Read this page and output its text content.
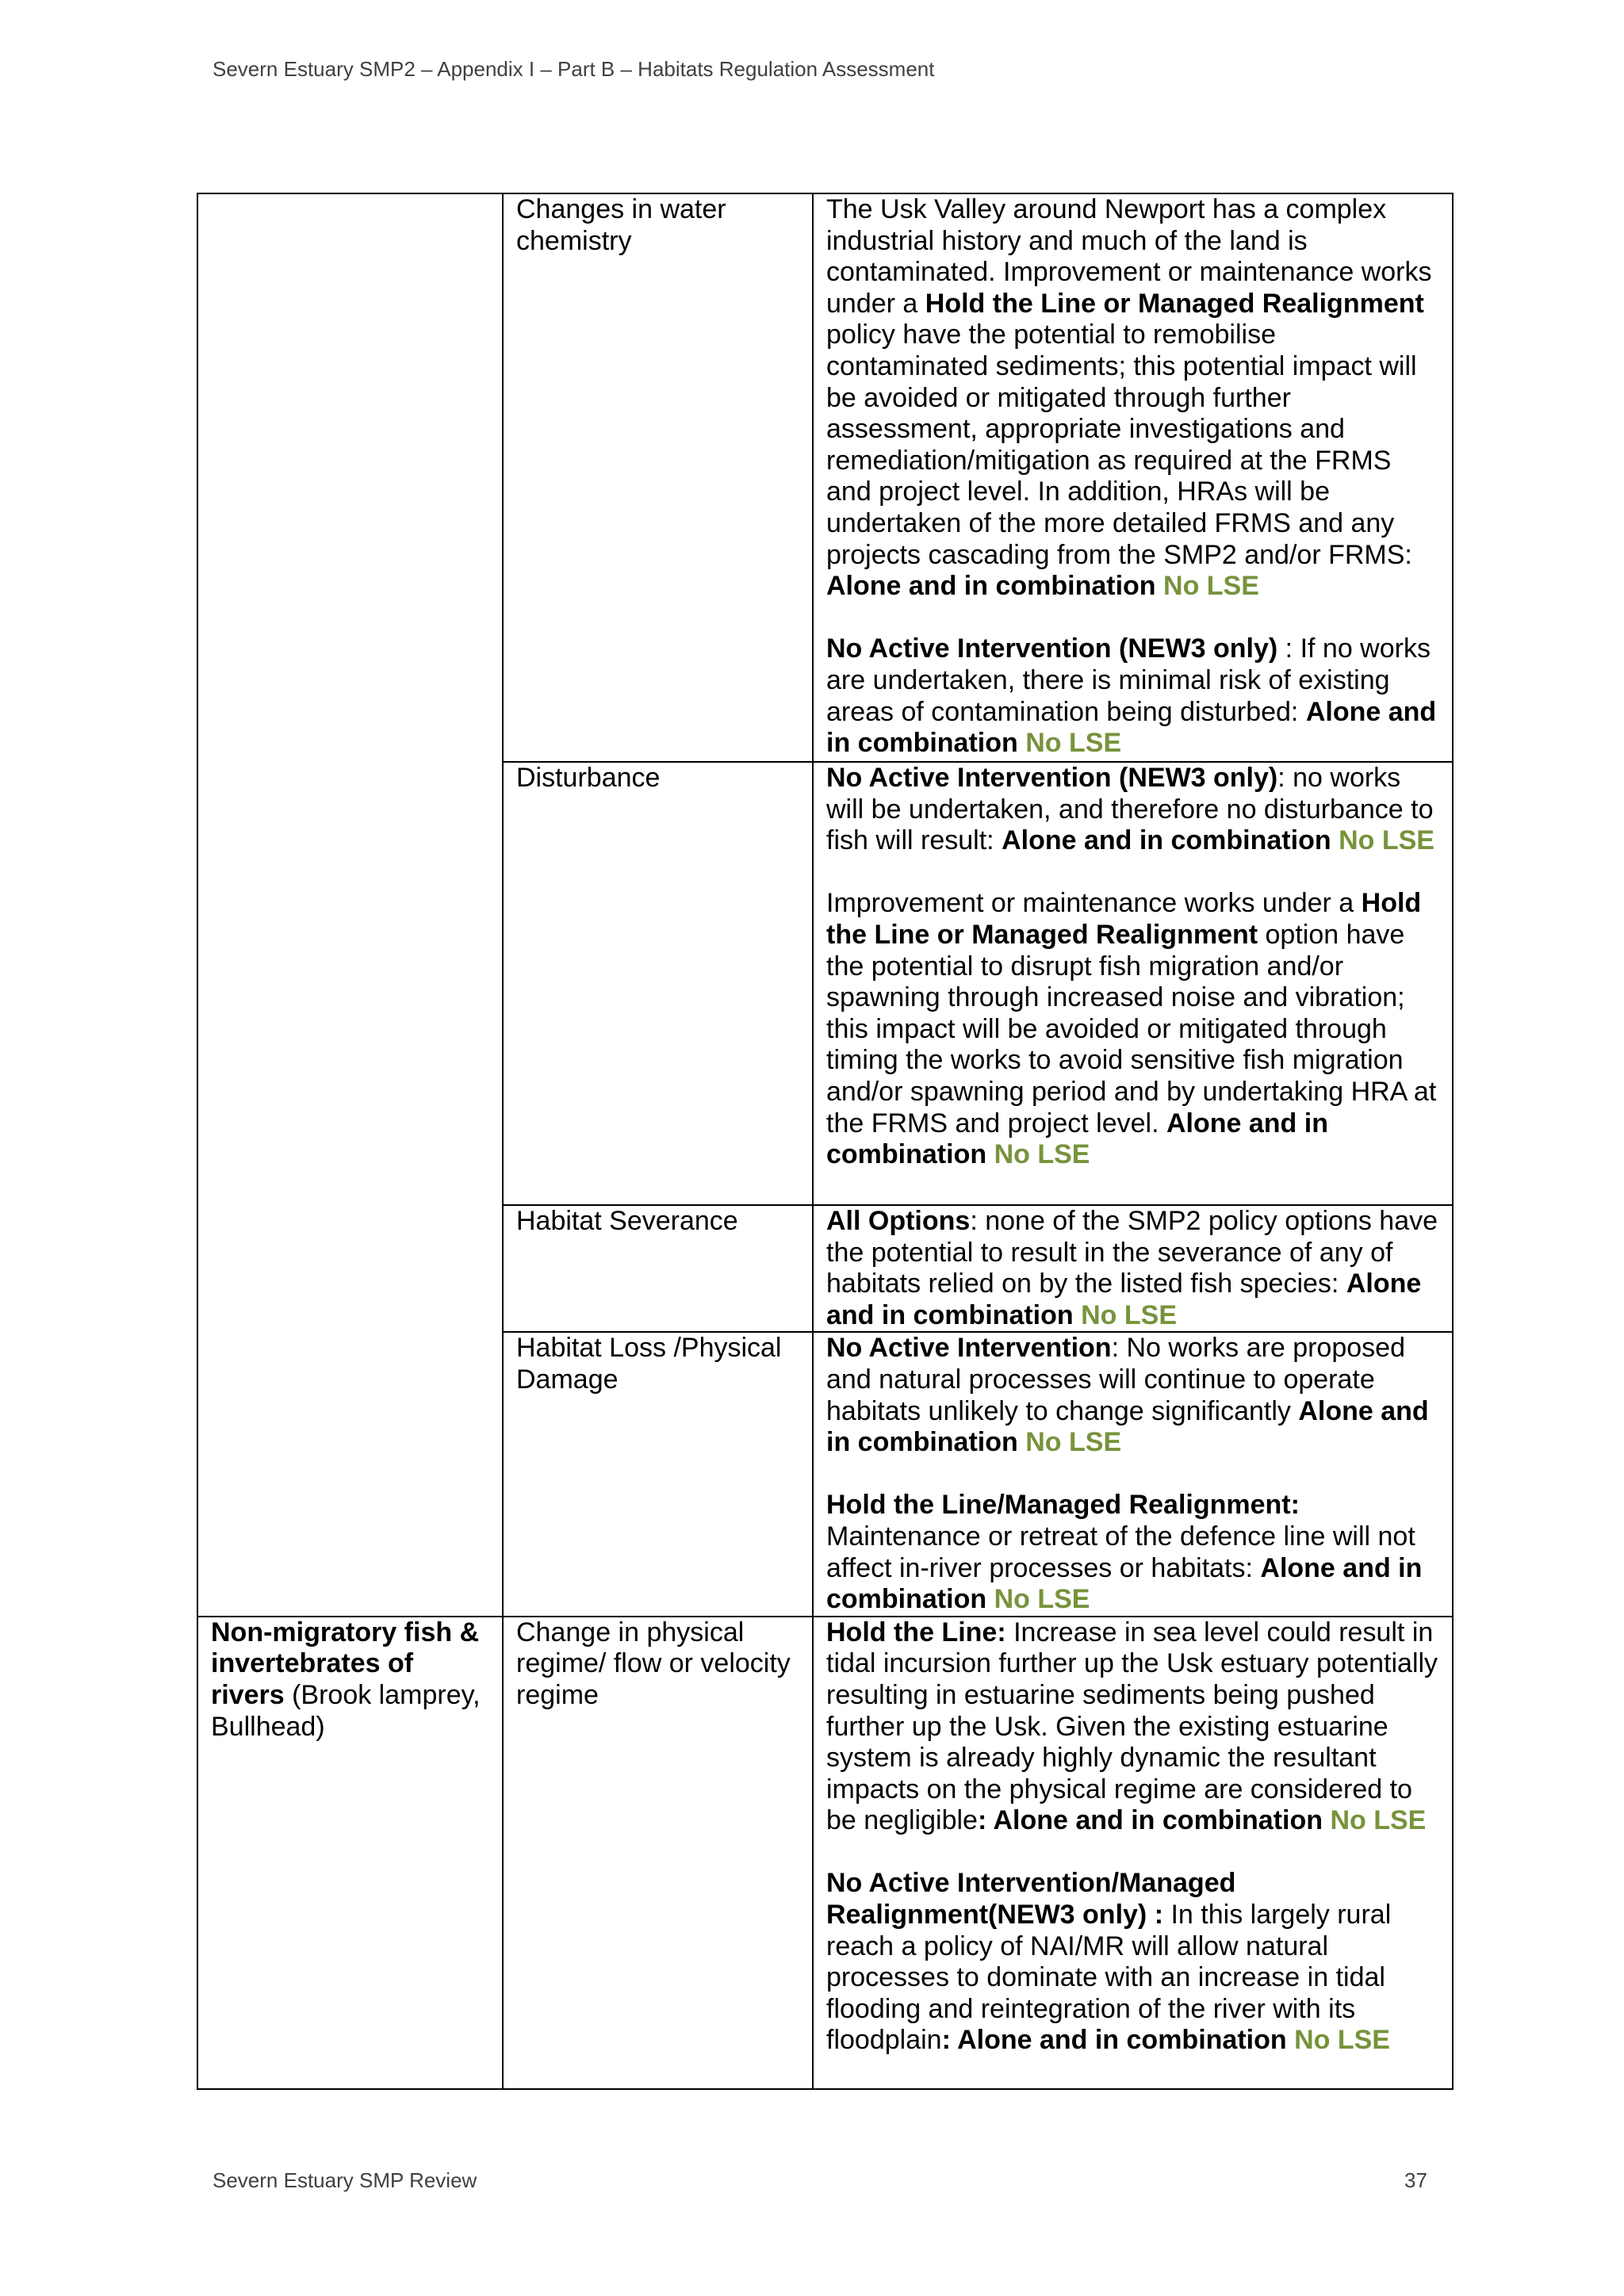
Severn Estuary SMP2 – Appendix I – Part B – Habitats Regulation Assessment
	Changes in water chemistry	The Usk Valley around Newport has a complex industrial history and much of the land is contaminated. Improvement or maintenance works under a Hold the Line or Managed Realignment policy have the potential to remobilise contaminated sediments; this potential impact will be avoided or mitigated through further assessment, appropriate investigations and remediation/mitigation as required at the FRMS and project level. In addition, HRAs will be undertaken of the more detailed FRMS and any projects cascading from the SMP2 and/or FRMS: Alone and in combination No LSE
No Active Intervention (NEW3 only) : If no works are undertaken, there is minimal risk of existing areas of contamination being disturbed: Alone and in combination No LSE

	Disturbance	No Active Intervention (NEW3 only): no works will be undertaken, and therefore no disturbance to fish will result: Alone and in combination No LSE
Improvement or maintenance works under a Hold the Line or Managed Realignment option have the potential to disrupt fish migration and/or spawning through increased noise and vibration; this impact will be avoided or mitigated through timing the works to avoid sensitive fish migration and/or spawning period and by undertaking HRA at the FRMS and project level. Alone and in combination No LSE

	Habitat Severance	All Options: none of the SMP2 policy options have the potential to result in the severance of any of habitats relied on by the listed fish species: Alone and in combination No LSE

	Habitat Loss /Physical Damage	No Active Intervention: No works are proposed and natural processes will continue to operate habitats unlikely to change significantly Alone and in combination No LSE
Hold the Line/Managed Realignment:
Maintenance or retreat of the defence line will not affect in-river processes or habitats: Alone and in combination No LSE

Non-migratory fish & invertebrates of rivers (Brook lamprey, Bullhead)	Change in physical regime/ flow or velocity regime	Hold the Line: Increase in sea level could result in tidal incursion further up the Usk estuary potentially resulting in estuarine sediments being pushed further up the Usk. Given the existing estuarine system is already highly dynamic the resultant impacts on the physical regime are considered to be negligible: Alone and in combination No LSE
No Active Intervention/Managed Realignment(NEW3 only) : In this largely rural reach a policy of NAI/MR will allow natural processes to dominate with an increase in tidal flooding and reintegration of the river with its floodplain: Alone and in combination No LSE
Severn Estuary SMP Review	37
